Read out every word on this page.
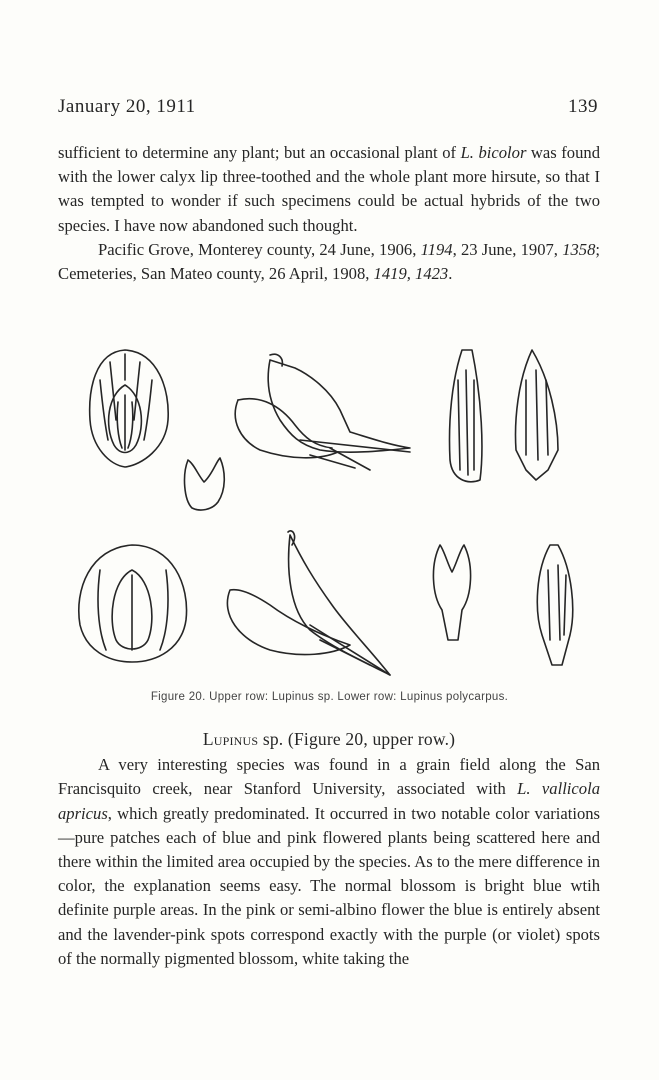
January 20, 1911	139

sufficient to determine any plant; but an occasional plant of L. bicolor was found with the lower calyx lip three-toothed and the whole plant more hirsute, so that I was tempted to wonder if such specimens could be actual hybrids of the two species. I have now abandoned such thought.

Pacific Grove, Monterey county, 24 June, 1906, 1194, 23 June, 1907, 1358; Cemeteries, San Mateo county, 26 April, 1908, 1419, 1423.

Figure 20. Upper row: Lupinus sp. Lower row: Lupinus polycarpus.

Lupinus sp. (Figure 20, upper row.)

A very interesting species was found in a grain field along the San Francisquito creek, near Stanford University, associated with L. vallicola apricus, which greatly predominated. It occurred in two notable color variations—pure patches each of blue and pink flowered plants being scattered here and there within the limited area occupied by the species. As to the mere difference in color, the explanation seems easy. The normal blossom is bright blue wtih definite purple areas. In the pink or semi-albino flower the blue is entirely absent and the lavender-pink spots correspond exactly with the purple (or violet) spots of the normally pigmented blossom, white taking the
